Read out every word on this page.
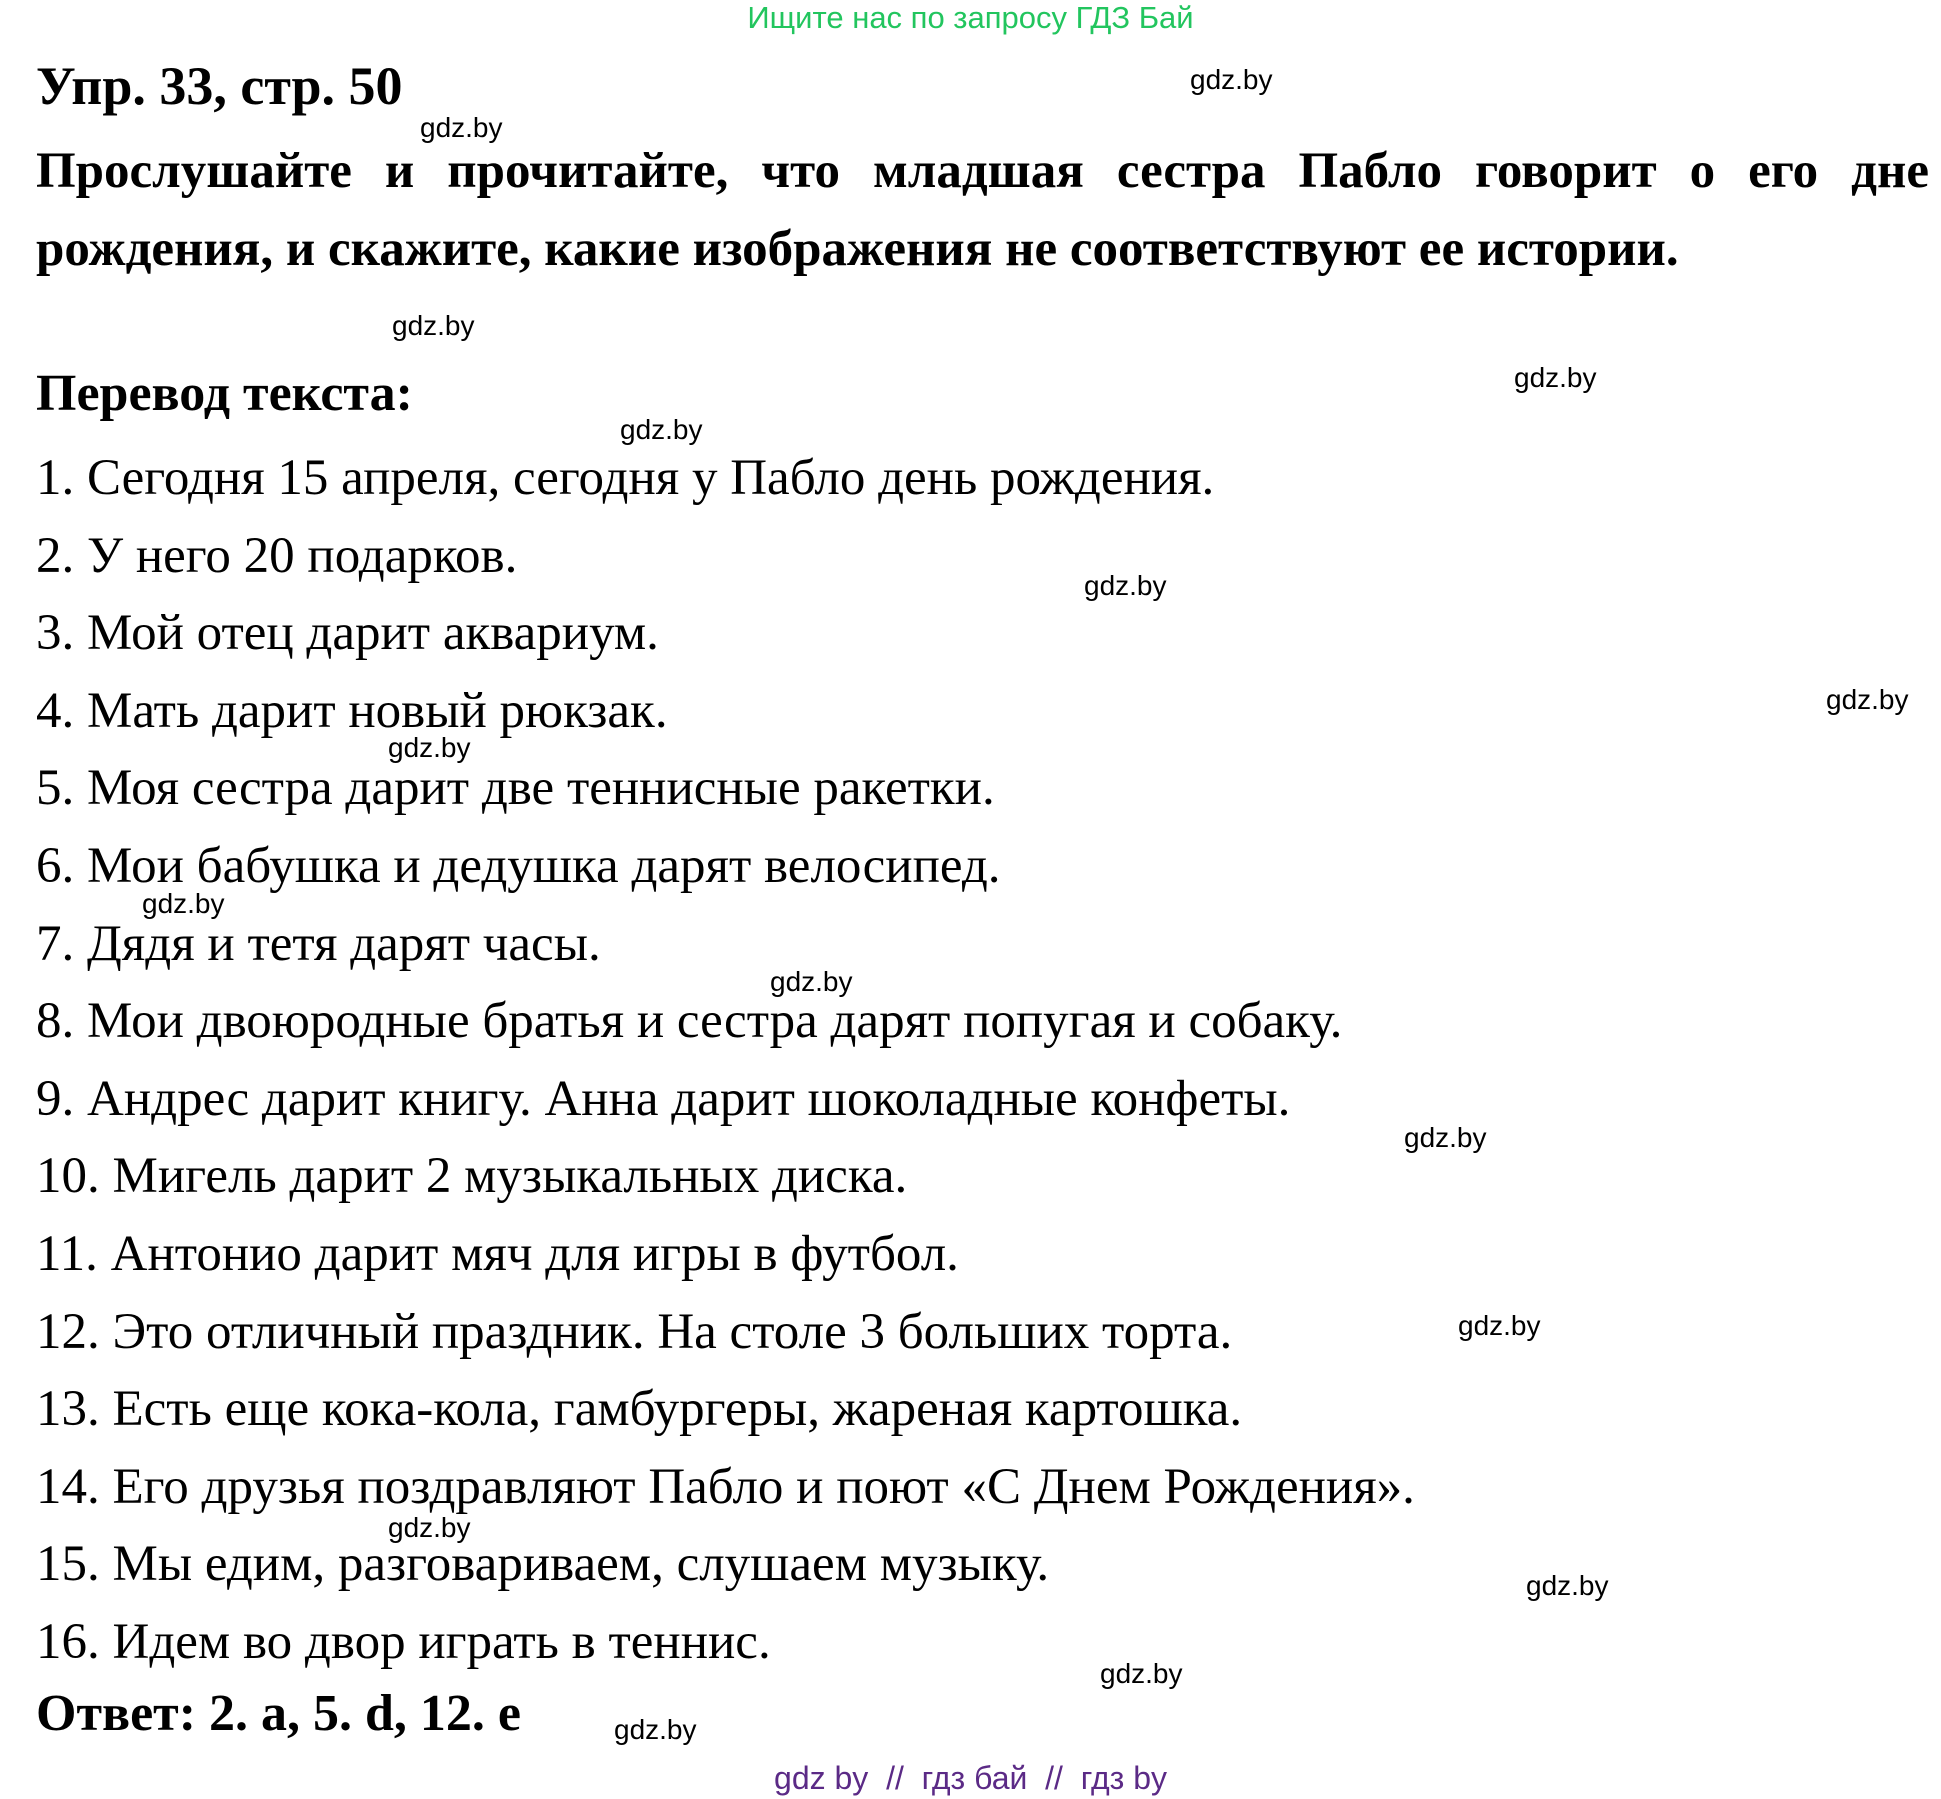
Ищите нас по запросу ГДЗ Бай
Упр. 33, стр. 50

Прослушайте и прочитайте, что младшая сестра Пабло говорит о его дне рождения, и скажите, какие изображения не соответствуют ее истории.

Перевод текста:
1. Сегодня 15 апреля, сегодня у Пабло день рождения.
2. У него 20 подарков.
3. Мой отец дарит аквариум.
4. Мать дарит новый рюкзак.
5. Моя сестра дарит две теннисные ракетки.
6. Мои бабушка и дедушка дарят велосипед.
7. Дядя и тетя дарят часы.
8. Мои двоюродные братья и сестра дарят попугая и собаку.
9. Андрес дарит книгу. Анна дарит шоколадные конфеты.
10. Мигель дарит 2 музыкальных диска.
11. Антонио дарит мяч для игры в футбол.
12. Это отличный праздник. На столе 3 больших торта.
13. Есть еще кока-кола, гамбургеры, жареная картошка.
14. Его друзья поздравляют Пабло и поют «С Днем Рождения».
15. Мы едим, разговариваем, слушаем музыку.
16. Идем во двор играть в теннис.

Ответ: 2. a, 5. d, 12. e

gdz.by
gdz.by
gdz.by
gdz.by
gdz.by
gdz.by
gdz.by
gdz.by
gdz.by
gdz.by
gdz.by
gdz.by
gdz.by
gdz.by
gdz.by
gdz.by
gdz by  //  гдз бай  //  гдз by
